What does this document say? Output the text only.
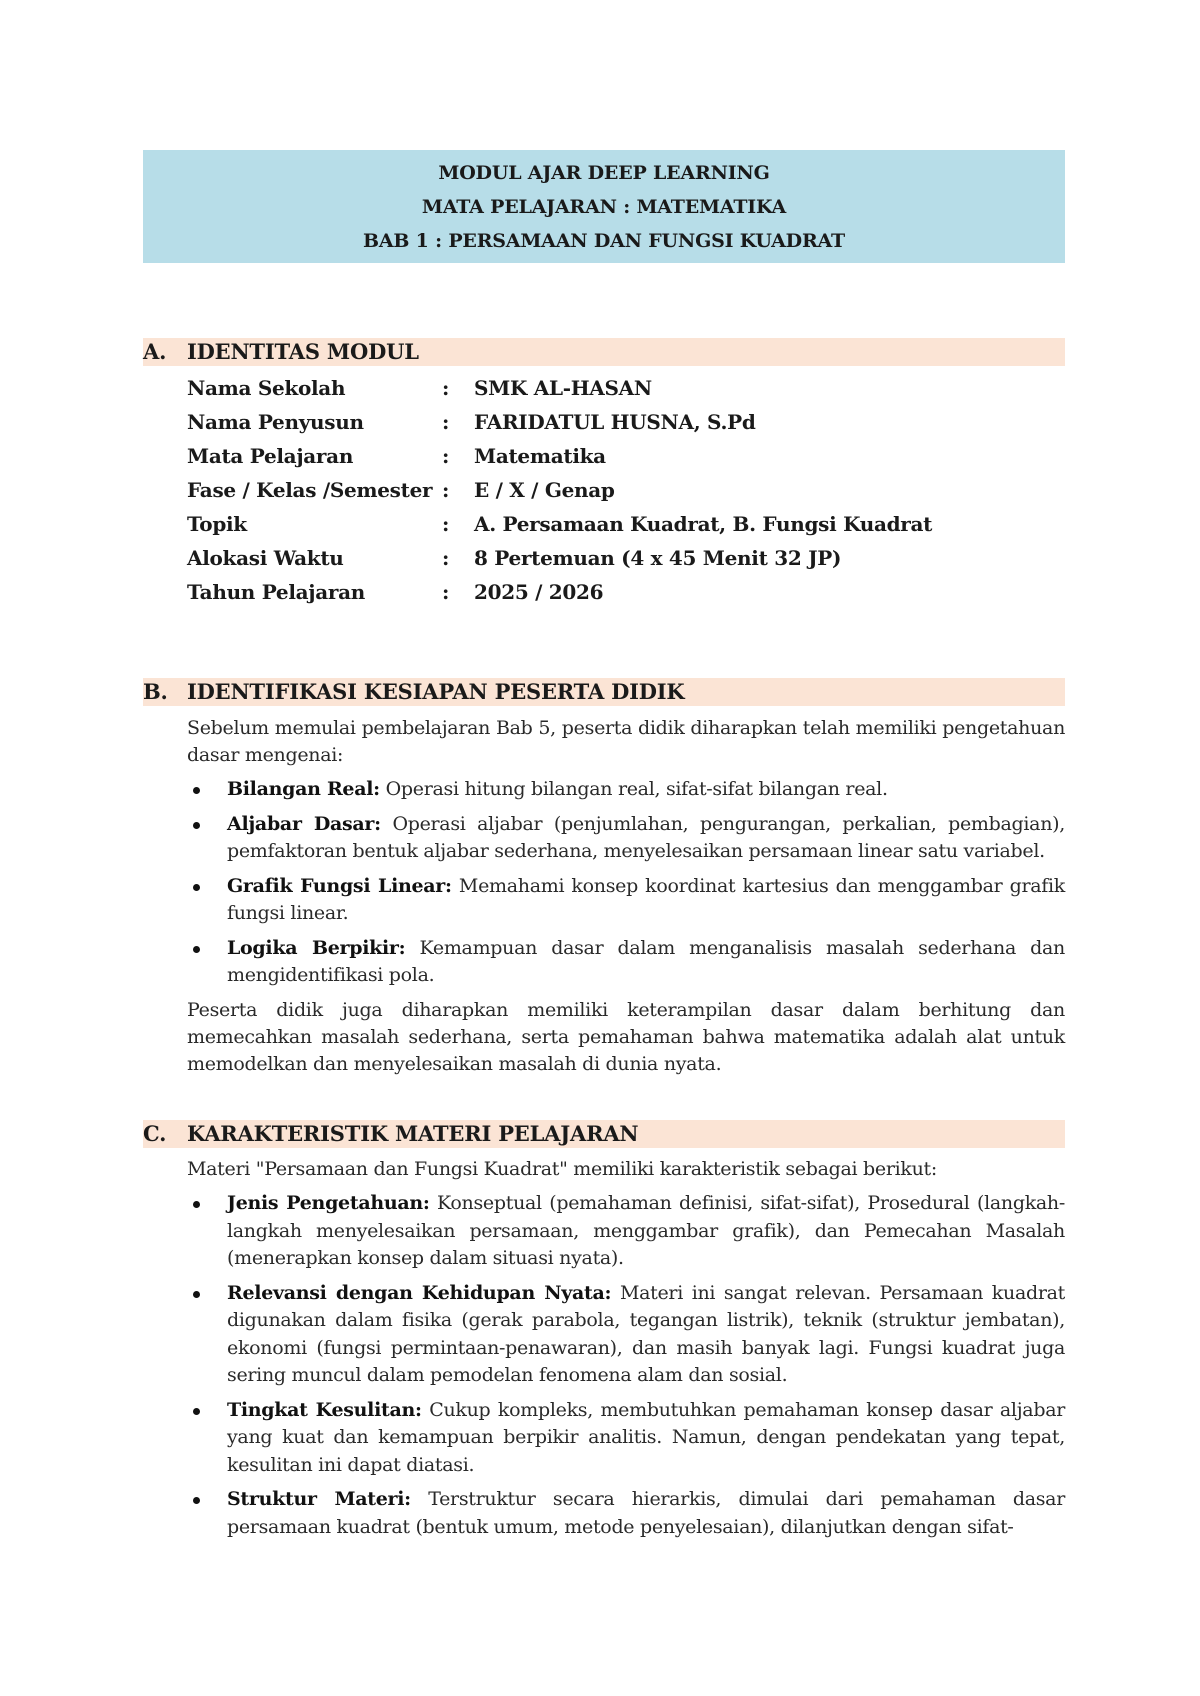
MODUL AJAR DEEP LEARNING
MATA PELAJARAN : MATEMATIKA
BAB 1 : PERSAMAAN DAN FUNGSI KUADRAT
A. IDENTITAS MODUL
Nama Sekolah	:	SMK AL-HASAN
Nama Penyusun	:	FARIDATUL HUSNA, S.Pd
Mata Pelajaran	:	Matematika
Fase / Kelas /Semester :	E / X / Genap
Topik	:	A. Persamaan Kuadrat, B. Fungsi Kuadrat
Alokasi Waktu	:	8 Pertemuan (4 x 45 Menit 32 JP)
Tahun Pelajaran	:	2025 / 2026
B. IDENTIFIKASI KESIAPAN PESERTA DIDIK
Sebelum memulai pembelajaran Bab 5, peserta didik diharapkan telah memiliki pengetahuan dasar mengenai:
Bilangan Real: Operasi hitung bilangan real, sifat-sifat bilangan real.
Aljabar Dasar: Operasi aljabar (penjumlahan, pengurangan, perkalian, pembagian), pemfaktoran bentuk aljabar sederhana, menyelesaikan persamaan linear satu variabel.
Grafik Fungsi Linear: Memahami konsep koordinat kartesius dan menggambar grafik fungsi linear.
Logika Berpikir: Kemampuan dasar dalam menganalisis masalah sederhana dan mengidentifikasi pola.
Peserta didik juga diharapkan memiliki keterampilan dasar dalam berhitung dan memecahkan masalah sederhana, serta pemahaman bahwa matematika adalah alat untuk memodelkan dan menyelesaikan masalah di dunia nyata.
C. KARAKTERISTIK MATERI PELAJARAN
Materi "Persamaan dan Fungsi Kuadrat" memiliki karakteristik sebagai berikut:
Jenis Pengetahuan: Konseptual (pemahaman definisi, sifat-sifat), Prosedural (langkah-langkah menyelesaikan persamaan, menggambar grafik), dan Pemecahan Masalah (menerapkan konsep dalam situasi nyata).
Relevansi dengan Kehidupan Nyata: Materi ini sangat relevan. Persamaan kuadrat digunakan dalam fisika (gerak parabola, tegangan listrik), teknik (struktur jembatan), ekonomi (fungsi permintaan-penawaran), dan masih banyak lagi. Fungsi kuadrat juga sering muncul dalam pemodelan fenomena alam dan sosial.
Tingkat Kesulitan: Cukup kompleks, membutuhkan pemahaman konsep dasar aljabar yang kuat dan kemampuan berpikir analitis. Namun, dengan pendekatan yang tepat, kesulitan ini dapat diatasi.
Struktur Materi: Terstruktur secara hierarkis, dimulai dari pemahaman dasar persamaan kuadrat (bentuk umum, metode penyelesaian), dilanjutkan dengan sifat-
